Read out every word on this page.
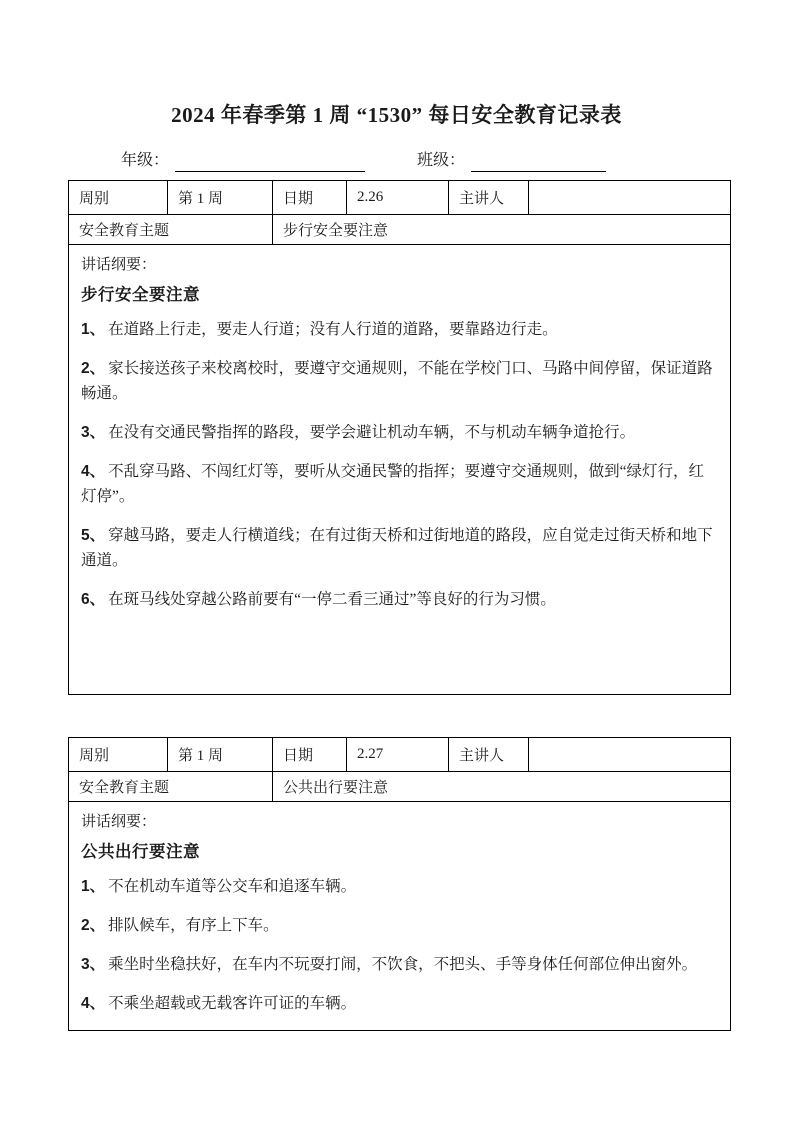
2024 年春季第 1 周 “1530” 每日安全教育记录表
年级：	班级：
周别	第 1 周	日期	2.26	主讲人	
安全教育主题		步行安全要注意			

讲话纲要：
步行安全要注意

1、 在道路上行走，要走人行道；没有人行道的道路，要靠路边行走。

2、 家长接送孩子来校离校时，要遵守交通规则，不能在学校门口、马路中间停留，保证道路畅通。

3、 在没有交通民警指挥的路段，要学会避让机动车辆，不与机动车辆争道抢行。

4、 不乱穿马路、不闯红灯等，要听从交通民警的指挥；要遵守交通规则，做到“绿灯行，红灯停”。

5、 穿越马路，要走人行横道线；在有过街天桥和过街地道的路段，应自觉走过街天桥和地下通道。

6、 在斑马线处穿越公路前要有“一停二看三通过”等良好的行为习惯。

周别	第 1 周	日期	2.27	主讲人	
安全教育主题		公共出行要注意			

讲话纲要：
公共出行要注意

1、 不在机动车道等公交车和追逐车辆。

2、 排队候车，有序上下车。

3、 乘坐时坐稳扶好，在车内不玩耍打闹，不饮食，不把头、手等身体任何部位伸出窗外。

4、 不乘坐超载或无载客许可证的车辆。
